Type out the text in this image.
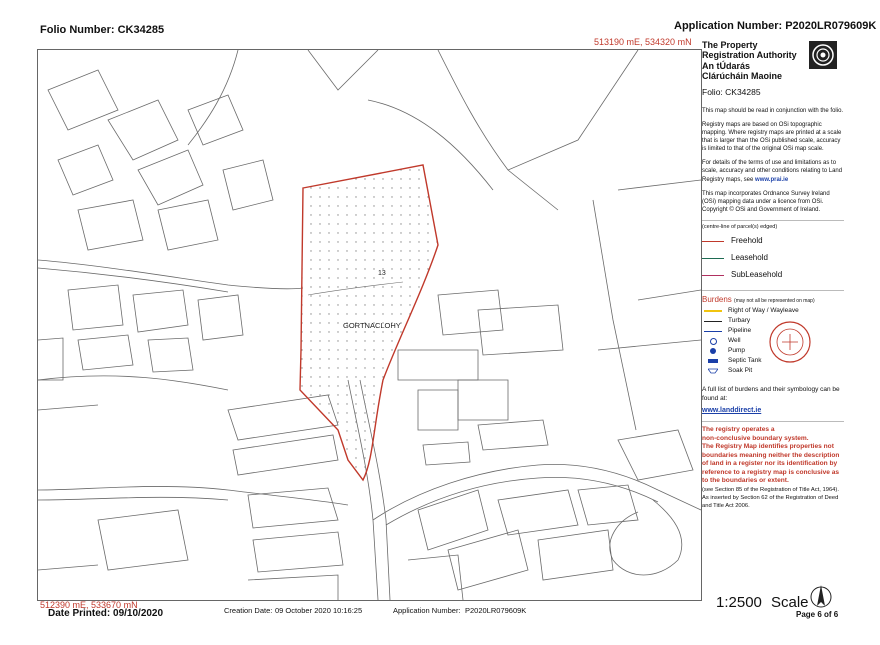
Folio Number: CK34285	Application Number: P2020LR079609K
513190 mE, 534320 mN
13
GORTNACLOHY
The Property
Registration Authority
An tÚdarás
Clárúcháin Maoine
Folio: CK34285

This map should be read in conjunction with the folio.

Registry maps are based on OSi topographic mapping. Where registry maps are printed at a scale that is larger than the OSi published scale, accuracy is limited to that of the original OSi map scale.

For details of the terms of use and limitations as to scale, accuracy and other conditions relating to Land Registry maps, see www.prai.ie

This map incorporates Ordnance Survey Ireland (OSi) mapping data under a licence from OSi. Copyright © OSi and Government of Ireland.

(centre-line of parcel(s) edged)
Freehold
Leasehold
SubLeasehold
Burdens (may not all be represented on map)
Right of Way / Wayleave
Turbary
Pipeline
Well
Pump
Septic Tank
Soak Pit

A full list of burdens and their symbology can be found at:

www.landdirect.ie
The registry operates a
non-conclusive boundary system.
The Registry Map identifies properties not boundaries meaning neither the description of land in a register nor its identification by reference to a registry map is conclusive as to the boundaries or extent.
(see Section 85 of the Registration of Title Act, 1964). As inserted by Section 62 of the Registration of Deed and Title Act 2006.
512390 mE, 533670 mN
Date Printed: 09/10/2020	Creation Date: 09 October 2020 10:16:25	Application Number: P2020LR079609K	1:2500 Scale
Page 6 of 6
